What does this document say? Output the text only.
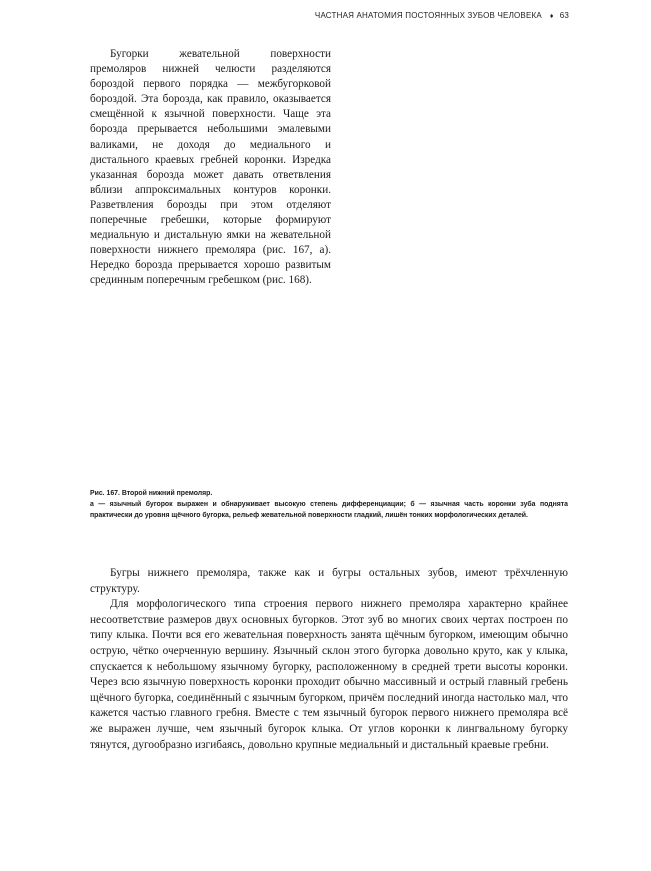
ЧАСТНАЯ АНАТОМИЯ ПОСТОЯННЫХ ЗУБОВ ЧЕЛОВЕКА ♦ 63

Бугорки жевательной поверхности премоляров нижней челюсти разделяются бороздой первого порядка — межбугорковой бороздой. Эта борозда, как правило, оказывается смещённой к язычной поверхности. Чаще эта борозда прерывается небольшими эмалевыми валиками, не доходя до медиального и дистального краевых гребней коронки. Изредка указанная борозда может давать ответвления вблизи аппроксимальных контуров коронки. Разветвления борозды при этом отделяют поперечные гребешки, которые формируют медиальную и дистальную ямки на жевательной поверхности нижнего премоляра (рис. 167, а). Нередко борозда прерывается хорошо развитым срединным поперечным гребешком (рис. 168).

Рис. 167. Второй нижний премоляр.

а — язычный бугорок выражен и обнаруживает высокую степень дифференциации; б — язычная часть коронки зуба поднята практически до уровня щёчного бугорка, рельеф жевательной поверхности гладкий, лишён тонких морфологических деталей.

Бугры нижнего премоляра, также как и бугры остальных зубов, имеют трёхчленную структуру.

Для морфологического типа строения первого нижнего премоляра характерно крайнее несоответствие размеров двух основных бугорков. Этот зуб во многих своих чертах построен по типу клыка. Почти вся его жевательная поверхность занята щёчным бугорком, имеющим обычно острую, чётко очерченную вершину. Язычный склон этого бугорка довольно круто, как у клыка, спускается к небольшому язычному бугорку, расположенному в средней трети высоты коронки. Через всю язычную поверхность коронки проходит обычно массивный и острый главный гребень щёчного бугорка, соединённый с язычным бугорком, причём последний иногда настолько мал, что кажется частью главного гребня. Вместе с тем язычный бугорок первого нижнего премоляра всё же выражен лучше, чем язычный бугорок клыка. От углов коронки к лингвальному бугорку тянутся, дугообразно изгибаясь, довольно крупные медиальный и дистальный краевые гребни.
